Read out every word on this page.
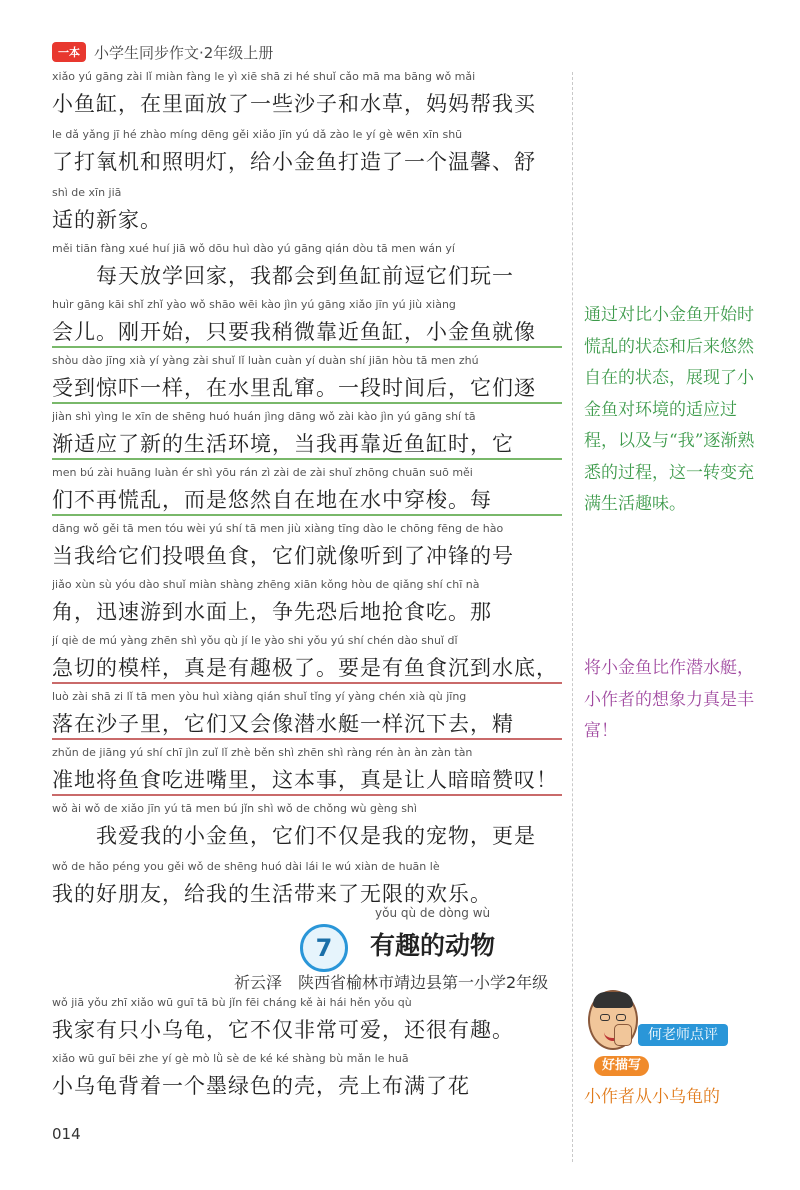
一本 小学生同步作文·2年级上册
xiǎo yú gāng zài lǐ miàn fàng le yì xiē shā zi hé shuǐ cǎo mā ma bāng wǒ mǎi
小鱼缸，在里面放了一些沙子和水草，妈妈帮我买
le dǎ yǎng jī hé zhào míng dēng gěi xiǎo jīn yú dǎ zào le yí gè wēn xīn shū
了打氧机和照明灯，给小金鱼打造了一个温馨、舒
shì de xīn jiā
适的新家。
měi tiān fàng xué huí jiā wǒ dōu huì dào yú gāng qián dòu tā men wán yí
　　每天放学回家，我都会到鱼缸前逗它们玩一
huìr gāng kāi shǐ zhǐ yào wǒ shāo wēi kào jìn yú gāng xiǎo jīn yú jiù xiàng
会儿。刚开始，只要我稍微靠近鱼缸，小金鱼就像
shòu dào jīng xià yí yàng zài shuǐ lǐ luàn cuàn yí duàn shí jiān hòu tā men zhú
受到惊吓一样，在水里乱窜。一段时间后，它们逐
jiàn shì yìng le xīn de shēng huó huán jìng dāng wǒ zài kào jìn yú gāng shí tā
渐适应了新的生活环境，当我再靠近鱼缸时，它
men bú zài huāng luàn ér shì yōu rán zì zài de zài shuǐ zhōng chuān suō měi
们不再慌乱，而是悠然自在地在水中穿梭。每
dāng wǒ gěi tā men tóu wèi yú shí tā men jiù xiàng tīng dào le chōng fēng de hào
当我给它们投喂鱼食，它们就像听到了冲锋的号
jiǎo xùn sù yóu dào shuǐ miàn shàng zhēng xiān kǒng hòu de qiǎng shí chī nà
角，迅速游到水面上，争先恐后地抢食吃。那
jí qiè de mú yàng zhēn shì yǒu qù jí le yào shi yǒu yú shí chén dào shuǐ dǐ
急切的模样，真是有趣极了。要是有鱼食沉到水底，
luò zài shā zi lǐ tā men yòu huì xiàng qián shuǐ tǐng yí yàng chén xià qù jīng
落在沙子里，它们又会像潜水艇一样沉下去，精
zhǔn de jiāng yú shí chī jìn zuǐ lǐ zhè běn shì zhēn shì ràng rén àn àn zàn tàn
准地将鱼食吃进嘴里，这本事，真是让人暗暗赞叹！
wǒ ài wǒ de xiǎo jīn yú tā men bú jǐn shì wǒ de chǒng wù gèng shì
　　我爱我的小金鱼，它们不仅是我的宠物，更是
wǒ de hǎo péng you gěi wǒ de shēng huó dài lái le wú xiàn de huān lè
我的好朋友，给我的生活带来了无限的欢乐。
通过对比小金鱼开始时慌乱的状态和后来悠然自在的状态，展现了小金鱼对环境的适应过程，以及与“我”逐渐熟悉的过程，这一转变充满生活趣味。
将小金鱼比作潜水艇，小作者的想象力真是丰富！
7
yǒu qù de dòng wù
有趣的动物
祈云泽　陕西省榆林市靖边县第一小学2年级
wǒ jiā yǒu zhī xiǎo wū guī tā bù jǐn fēi cháng kě ài hái hěn yǒu qù
我家有只小乌龟，它不仅非常可爱，还很有趣。
xiǎo wū guī bēi zhe yí gè mò lǜ sè de ké ké shàng bù mǎn le huā
小乌龟背着一个墨绿色的壳，壳上布满了花
何老师点评
好描写
小作者从小乌龟的
014
